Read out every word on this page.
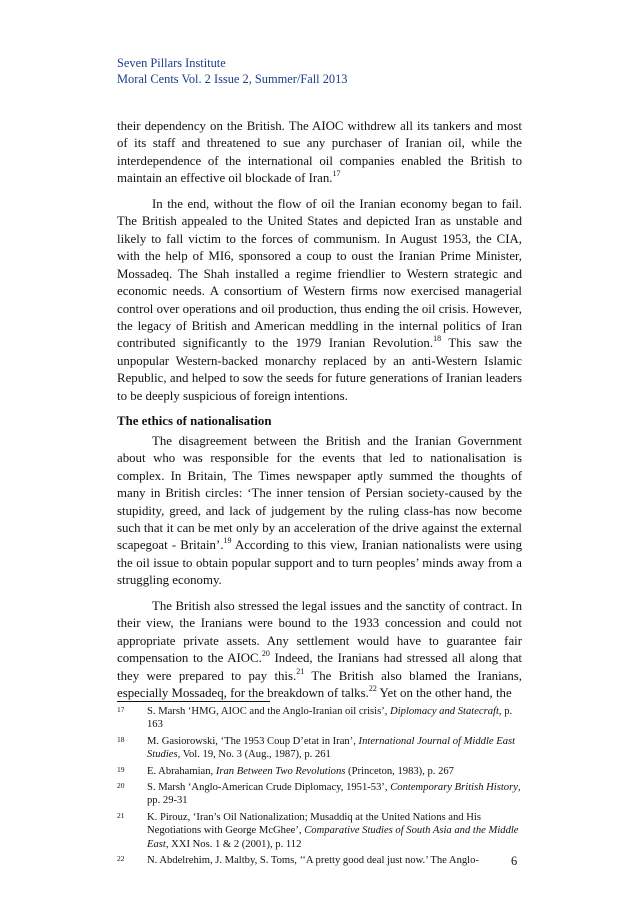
Seven Pillars Institute
Moral Cents Vol. 2 Issue 2, Summer/Fall 2013

their dependency on the British. The AIOC withdrew all its tankers and most of its staff and threatened to sue any purchaser of Iranian oil, while the interdependence of the international oil companies enabled the British to maintain an effective oil blockade of Iran.$^{17}$

In the end, without the flow of oil the Iranian economy began to fail. The British appealed to the United States and depicted Iran as unstable and likely to fall victim to the forces of communism. In August 1953, the CIA, with the help of MI6, sponsored a coup to oust the Iranian Prime Minister, Mossadeq. The Shah installed a regime friendlier to Western strategic and economic needs. A consortium of Western firms now exercised managerial control over operations and oil production, thus ending the oil crisis. However, the legacy of British and American meddling in the internal politics of Iran contributed significantly to the 1979 Iranian Revolution.$^{18}$ This saw the unpopular Western-backed monarchy replaced by an anti-Western Islamic Republic, and helped to sow the seeds for future generations of Iranian leaders to be deeply suspicious of foreign intentions.

The ethics of nationalisation

The disagreement between the British and the Iranian Government about who was responsible for the events that led to nationalisation is complex. In Britain, The Times newspaper aptly summed the thoughts of many in British circles: ‘The inner tension of Persian society-caused by the stupidity, greed, and lack of judgement by the ruling class-has now become such that it can be met only by an acceleration of the drive against the external scapegoat - Britain’.$^{19}$ According to this view, Iranian nationalists were using the oil issue to obtain popular support and to turn peoples’ minds away from a struggling economy.

The British also stressed the legal issues and the sanctity of contract. In their view, the Iranians were bound to the 1933 concession and could not appropriate private assets. Any settlement would have to guarantee fair compensation to the AIOC.$^{20}$ Indeed, the Iranians had stressed all along that they were prepared to pay this.$^{21}$ The British also blamed the Iranians, especially Mossadeq, for the breakdown of talks.$^{22}$ Yet on the other hand, the

17 S. Marsh ‘HMG, AIOC and the Anglo-Iranian oil crisis’, Diplomacy and Statecraft, p. 163
18 M. Gasiorowski, ‘The 1953 Coup D’etat in Iran’, International Journal of Middle East Studies, Vol. 19, No. 3 (Aug., 1987), p. 261
19 E. Abrahamian, Iran Between Two Revolutions (Princeton, 1983), p. 267
20 S. Marsh ‘Anglo-American Crude Diplomacy, 1951-53’, Contemporary British History, pp. 29-31
21 K. Pirouz, ‘Iran’s Oil Nationalization; Musaddiq at the United Nations and His Negotiations with George McGhee’, Comparative Studies of South Asia and the Middle East, XXI Nos. 1 & 2 (2001), p. 112
22 N. Abdelrehim, J. Maltby, S. Toms, ‘‘A pretty good deal just now.’ The Anglo-	6
